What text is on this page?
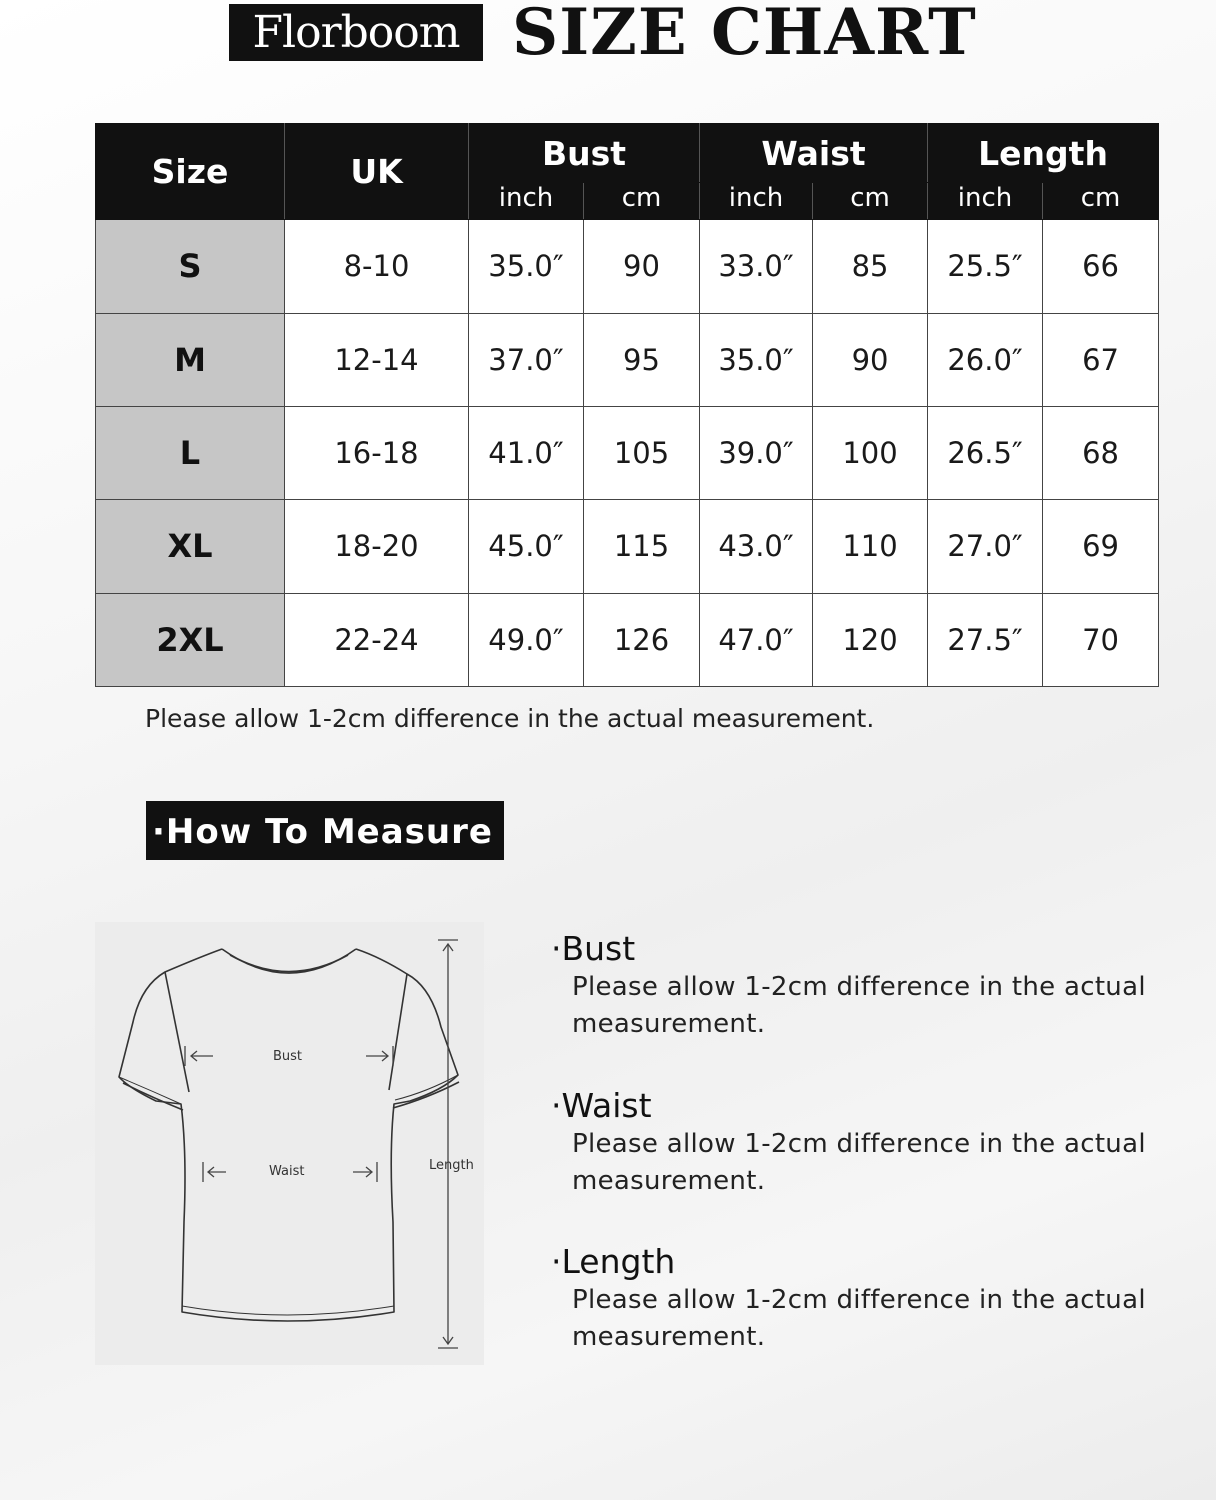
Florboom SIZE CHART
Size	UK	Bust		Waist		Length	
		inch	cm	inch	cm	inch	cm
S	8-10	35.0″	90	33.0″	85	25.5″	66
M	12-14	37.0″	95	35.0″	90	26.0″	67
L	16-18	41.0″	105	39.0″	100	26.5″	68
XL	18-20	45.0″	115	43.0″	110	27.0″	69
2XL	22-24	49.0″	126	47.0″	120	27.5″	70
Please allow 1-2cm difference in the actual measurement.
·How To Measure
Bust
Waist	Length
·Bust
Please allow 1-2cm difference in the actual
measurement.
·Waist
Please allow 1-2cm difference in the actual
measurement.
·Length
Please allow 1-2cm difference in the actual
measurement.
